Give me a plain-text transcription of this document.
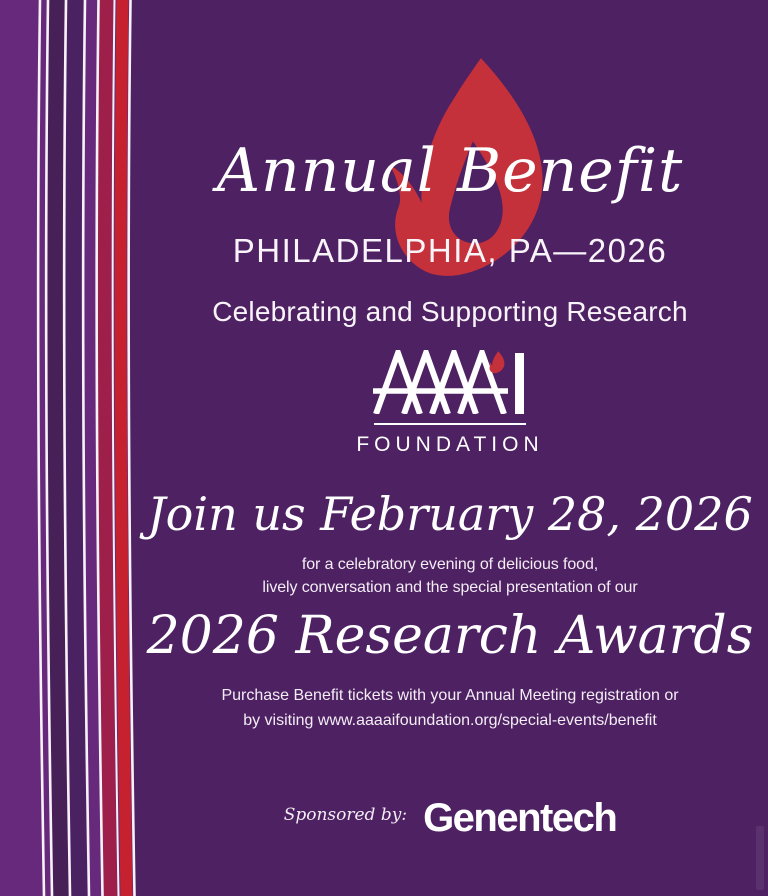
Annual Benefit
PHILADELPHIA, PA—2026
Celebrating and Supporting Research
FOUNDATION
Join us February 28, 2026
for a celebratory evening of delicious food,
lively conversation and the special presentation of our
2026 Research Awards
Purchase Benefit tickets with your Annual Meeting registration or
by visiting www.aaaaifoundation.org/special-events/benefit
Sponsored by: Genentech
